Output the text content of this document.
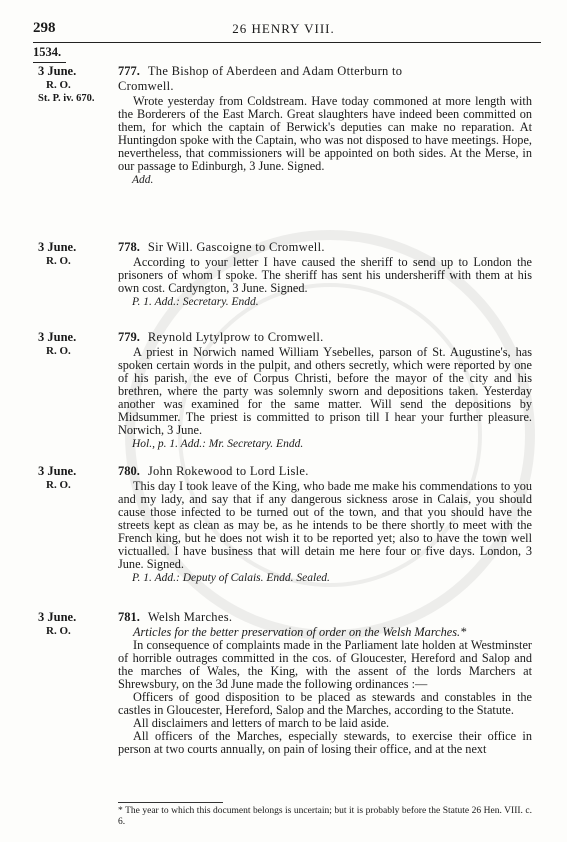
298	26 HENRY VIII.
1534.
3 June.
R. O.
St. P. iv. 670.
777. The Bishop of Aberdeen and Adam Otterburn to
Cromwell.

Wrote yesterday from Coldstream. Have today commoned at more length with the Borderers of the East March. Great slaughters have indeed been committed on them, for which the captain of Berwick's deputies can make no reparation. At Huntingdon spoke with the Captain, who was not disposed to have meetings. Hope, nevertheless, that commissioners will be appointed on both sides. At the Merse, in our passage to Edinburgh, 3 June. Signed.

Add.
3 June.
R. O.
778. Sir Will. Gascoigne to Cromwell.

According to your letter I have caused the sheriff to send up to London the prisoners of whom I spoke. The sheriff has sent his undersheriff with them at his own cost. Cardyngton, 3 June. Signed.

P. 1. Add.: Secretary. Endd.
3 June.
R. O.
779. Reynold Lytylprow to Cromwell.

A priest in Norwich named William Ysebelles, parson of St. Augustine's, has spoken certain words in the pulpit, and others secretly, which were reported by one of his parish, the eve of Corpus Christi, before the mayor of the city and his brethren, where the party was solemnly sworn and depositions taken. Yesterday another was examined for the same matter. Will send the depositions by Midsummer. The priest is committed to prison till I hear your further pleasure. Norwich, 3 June.

Hol., p. 1. Add.: Mr. Secretary. Endd.
3 June.
R. O.
780. John Rokewood to Lord Lisle.

This day I took leave of the King, who bade me make his commendations to you and my lady, and say that if any dangerous sickness arose in Calais, you should cause those infected to be turned out of the town, and that you should have the streets kept as clean as may be, as he intends to be there shortly to meet with the French king, but he does not wish it to be reported yet; also to have the town well victualled. I have business that will detain me here four or five days. London, 3 June. Signed.

P. 1. Add.: Deputy of Calais. Endd. Sealed.
3 June.
R. O.
781. Welsh Marches.

Articles for the better preservation of order on the Welsh Marches.*

In consequence of complaints made in the Parliament late holden at Westminster of horrible outrages committed in the cos. of Gloucester, Hereford and Salop and the marches of Wales, the King, with the assent of the lords Marchers at Shrewsbury, on the 3d June made the following ordinances :—

Officers of good disposition to be placed as stewards and constables in the castles in Gloucester, Hereford, Salop and the Marches, according to the Statute.

All disclaimers and letters of march to be laid aside.

All officers of the Marches, especially stewards, to exercise their office in person at two courts annually, on pain of losing their office, and at the next

* The year to which this document belongs is uncertain; but it is probably before the Statute 26 Hen. VIII. c. 6.
